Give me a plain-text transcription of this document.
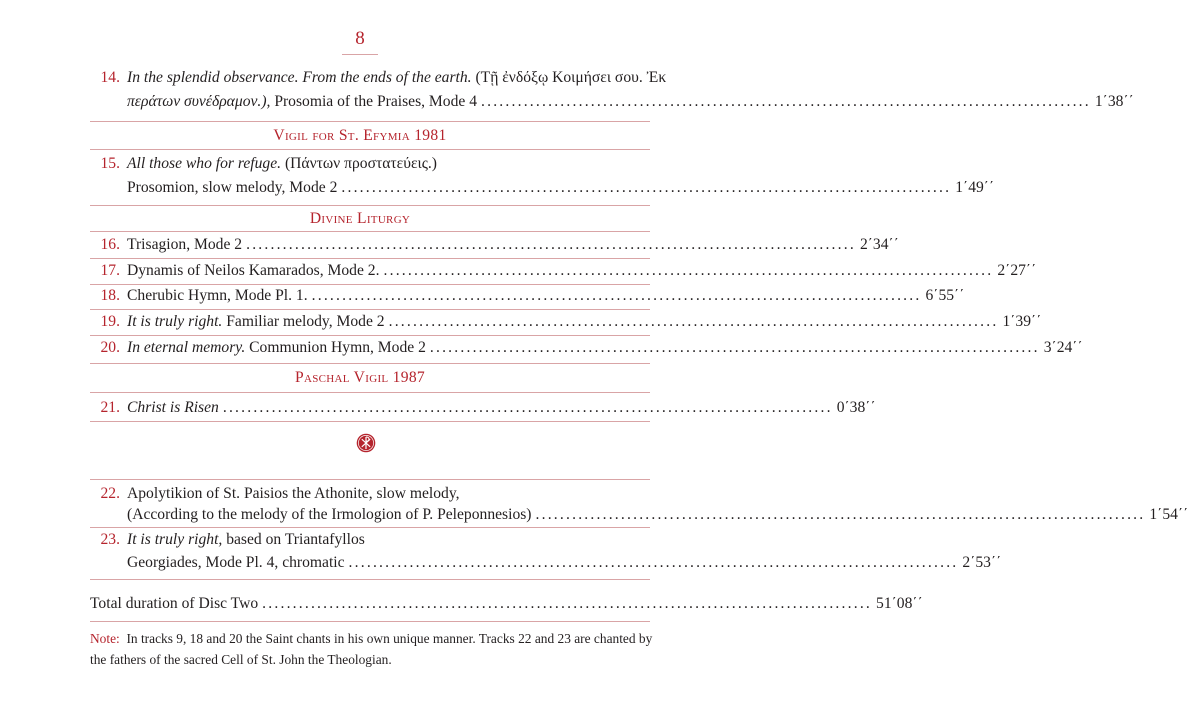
8
14. In the splendid observance. From the ends of the earth. (Τῇ ἐνδόξῳ Κοιμήσει σου. Ἐκ
περάτων συνέδραμον.), Prosomia of the Praises, Mode 4 .................................................................................................... 1΄38΄΄
Vigil for St. Efymia 1981
15. All those who for refuge. (Πάντων προστατεύεις.)
Prosomion, slow melody, Mode 2 .................................................................................................... 1΄49΄΄
Divine Liturgy
16. Trisagion, Mode 2 .................................................................................................... 2΄34΄΄
17. Dynamis of Neilos Kamarados, Mode 2. .................................................................................................... 2΄27΄΄
18. Cherubic Hymn, Mode Pl. 1. .................................................................................................... 6΄55΄΄
19. It is truly right. Familiar melody, Mode 2 .................................................................................................... 1΄39΄΄
20. In eternal memory. Communion Hymn, Mode 2 .................................................................................................... 3΄24΄΄
Paschal Vigil 1987
21. Christ is Risen .................................................................................................... 0΄38΄΄
22. Apolytikion of St. Paisios the Athonite, slow melody,
(According to the melody of the Irmologion of P. Peleponnesios) .................................................................................................... 1΄54΄΄
23. It is truly right, based on Triantafyllos
Georgiades, Mode Pl. 4, chromatic .................................................................................................... 2΄53΄΄
Total duration of Disc Two .................................................................................................... 51΄08΄΄
Note: In tracks 9, 18 and 20 the Saint chants in his own unique manner. Tracks 22 and 23 are chanted by the fathers of the sacred Cell of St. John the Theologian.
